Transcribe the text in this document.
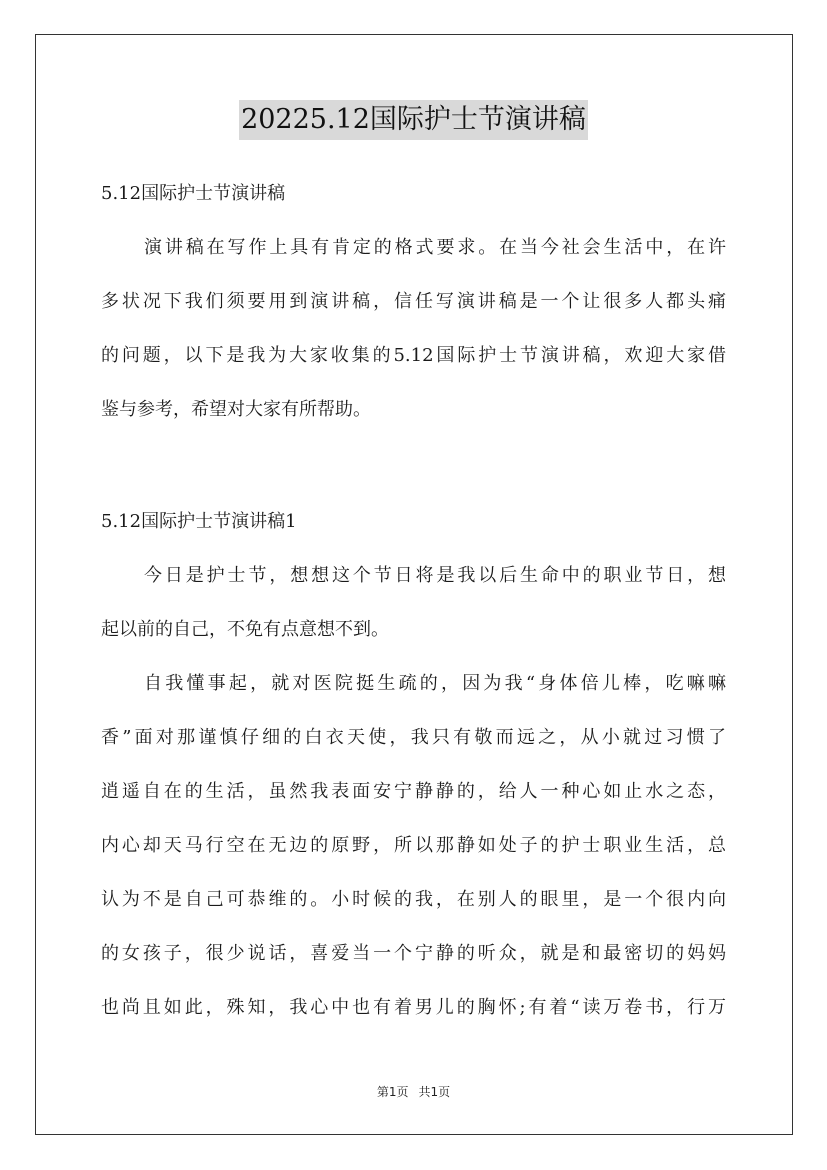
20225.12国际护士节演讲稿
5.12国际护士节演讲稿
演讲稿在写作上具有肯定的格式要求。在当今社会生活中，在许
多状况下我们须要用到演讲稿，信任写演讲稿是一个让很多人都头痛
的问题，以下是我为大家收集的5.12国际护士节演讲稿，欢迎大家借
鉴与参考，希望对大家有所帮助。
5.12国际护士节演讲稿1
今日是护士节，想想这个节日将是我以后生命中的职业节日，想
起以前的自己，不免有点意想不到。
自我懂事起，就对医院挺生疏的，因为我“身体倍儿棒，吃嘛嘛
香”面对那谨慎仔细的白衣天使，我只有敬而远之，从小就过习惯了
逍遥自在的生活，虽然我表面安宁静静的，给人一种心如止水之态，
内心却天马行空在无边的原野，所以那静如处子的护士职业生活，总
认为不是自己可恭维的。小时候的我，在别人的眼里，是一个很内向
的女孩子，很少说话，喜爱当一个宁静的听众，就是和最密切的妈妈
也尚且如此，殊知，我心中也有着男儿的胸怀;有着“读万卷书，行万
第1页 共1页
